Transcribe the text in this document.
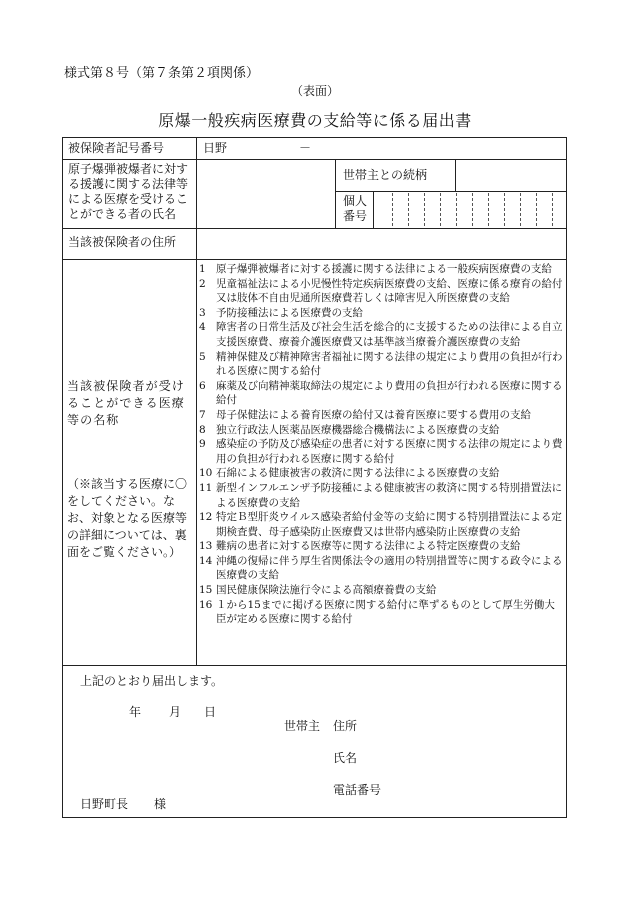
様式第８号（第７条第２項関係）
（表面）
原爆一般疾病医療費の支給等に係る届出書
被保険者記号番号	日野	－
原子爆弾被爆者に対する援護に関する法律等による医療を受けることができる者の氏名
世帯主との続柄
個人
番号
当該被保険者の住所
当該被保険者が受けることができる医療等の名称
（※該当する医療に〇をしてください。なお、対象となる医療等の詳細については、裏面をご覧ください。）
1 原子爆弾被爆者に対する援護に関する法律による一般疾病医療費の支給
2 児童福祉法による小児慢性特定疾病医療費の支給、医療に係る療育の給付又は肢体不自由児通所医療費若しくは障害児入所医療費の支給
3 予防接種法による医療費の支給
4 障害者の日常生活及び社会生活を総合的に支援するための法律による自立支援医療費、療養介護医療費又は基準該当療養介護医療費の支給
5 精神保健及び精神障害者福祉に関する法律の規定により費用の負担が行われる医療に関する給付
6 麻薬及び向精神薬取締法の規定により費用の負担が行われる医療に関する給付
7 母子保健法による養育医療の給付又は養育医療に要する費用の支給
8 独立行政法人医薬品医療機器総合機構法による医療費の支給
9 感染症の予防及び感染症の患者に対する医療に関する法律の規定により費用の負担が行われる医療に関する給付
10 石綿による健康被害の救済に関する法律による医療費の支給
11 新型インフルエンザ予防接種による健康被害の救済に関する特別措置法による医療費の支給
12 特定Ｂ型肝炎ウイルス感染者給付金等の支給に関する特別措置法による定期検査費、母子感染防止医療費又は世帯内感染防止医療費の支給
13 難病の患者に対する医療等に関する法律による特定医療費の支給
14 沖縄の復帰に伴う厚生省関係法令の適用の特別措置等に関する政令による医療費の支給
15 国民健康保険法施行令による高額療養費の支給
16 １から15までに掲げる医療に関する給付に準ずるものとして厚生労働大臣が定める医療に関する給付
上記のとおり届出します。
年 月 日
世帯主 住所
氏名
電話番号
日野町長 様
